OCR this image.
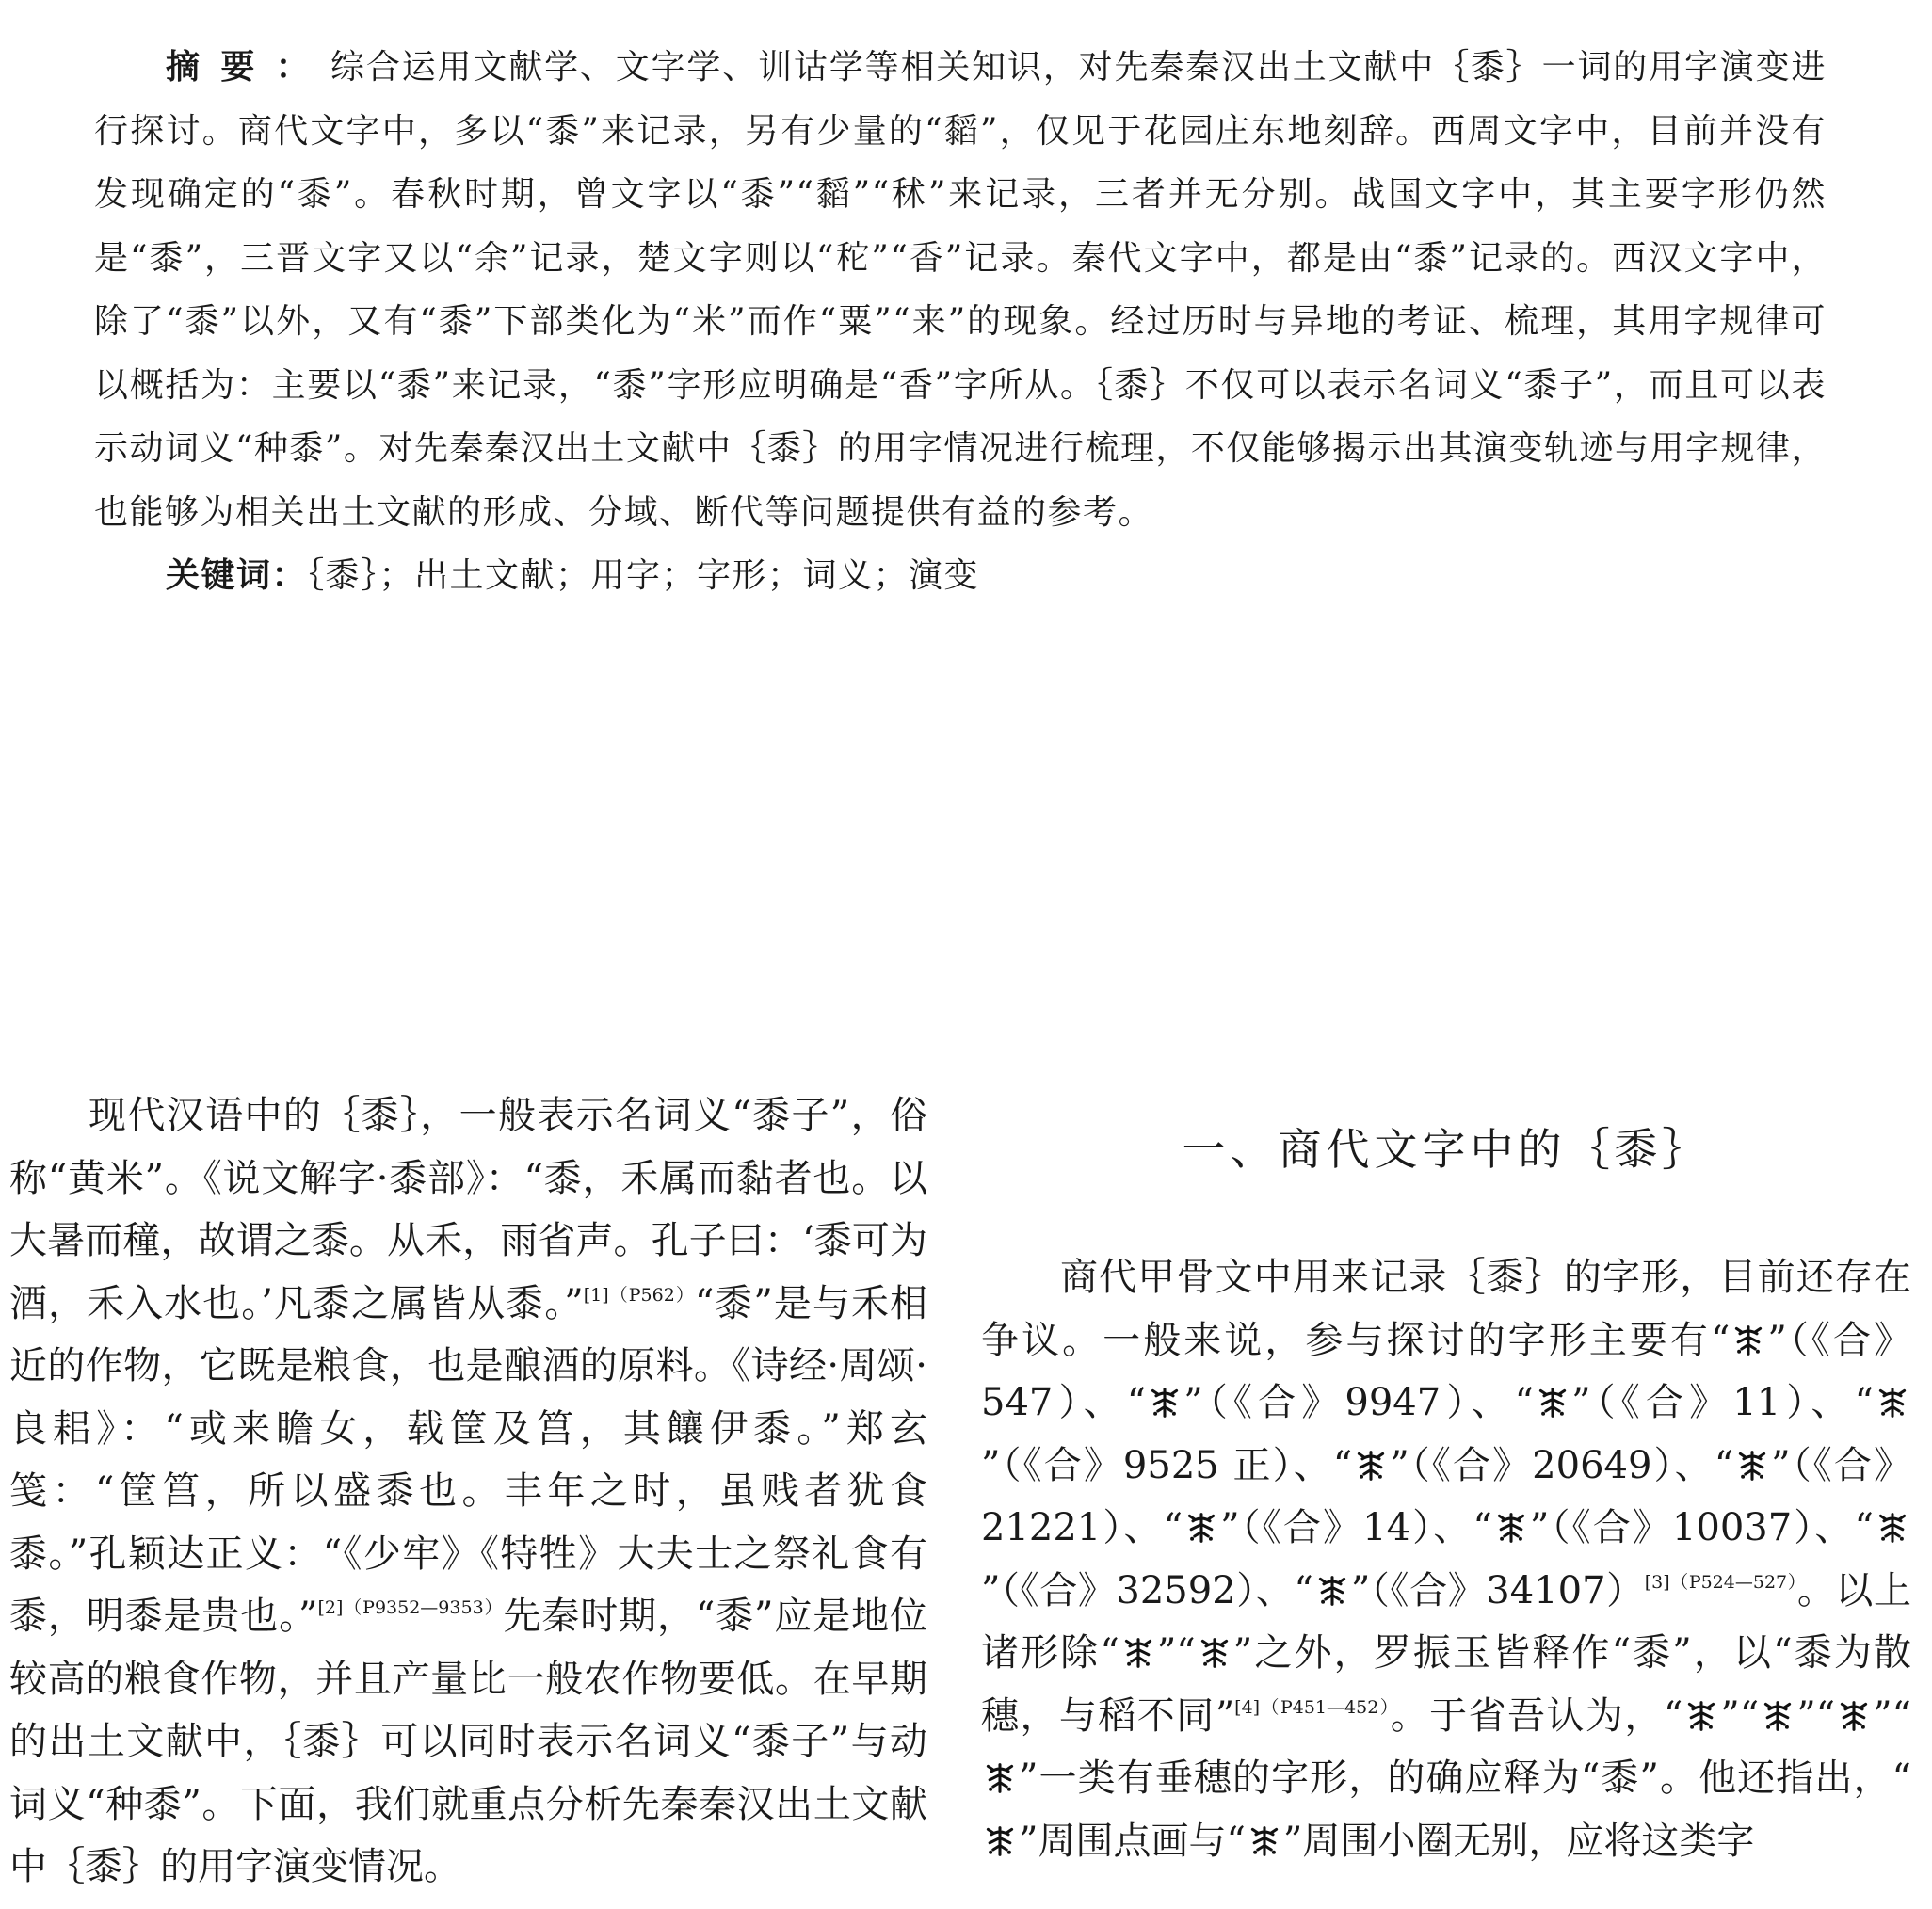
摘要：综合运用文献学、文字学、训诂学等相关知识，对先秦秦汉出土文献中｛黍｝一词的用字演变进行探讨。商代文字中，多以“黍”来记录，另有少量的“䵚”，仅见于花园庄东地刻辞。西周文字中，目前并没有发现确定的“黍”。春秋时期，曾文字以“黍”“䵚”“秫”来记录，三者并无分别。战国文字中，其主要字形仍然是“黍”，三晋文字又以“余”记录，楚文字则以“𥞒”“香”记录。秦代文字中，都是由“黍”记录的。西汉文字中，除了“黍”以外，又有“黍”下部类化为“米”而作“粟”“来”的现象。经过历时与异地的考证、梳理，其用字规律可以概括为：主要以“黍”来记录，“黍”字形应明确是“香”字所从。｛黍｝不仅可以表示名词义“黍子”，而且可以表示动词义“种黍”。对先秦秦汉出土文献中｛黍｝的用字情况进行梳理，不仅能够揭示出其演变轨迹与用字规律，也能够为相关出土文献的形成、分域、断代等问题提供有益的参考。

关键词：｛黍｝；出土文献；用字；字形；词义；演变

现代汉语中的｛黍｝，一般表示名词义“黍子”，俗称“黄米”。《说文解字·黍部》：“黍，禾属而黏者也。以大暑而穜，故谓之黍。从禾，雨省声。孔子曰：‘黍可为酒，禾入水也。’凡黍之属皆从黍。”$^{[1](P562)}$“黍”是与禾相近的作物，它既是粮食，也是酿酒的原料。《诗经·周颂·良耜》：“或来瞻女，载筐及筥，其饟伊黍。”郑玄笺：“筐筥，所以盛黍也。丰年之时，虽贱者犹食黍。”孔颖达正义：“《少牢》《特牲》大夫士之祭礼食有黍，明黍是贵也。”$^{[2](P9352—9353)}$先秦时期，“黍”应是地位较高的粮食作物，并且产量比一般农作物要低。在早期的出土文献中，｛黍｝可以同时表示名词义“黍子”与动词义“种黍”。下面，我们就重点分析先秦秦汉出土文献中｛黍｝的用字演变情况。

一、商代文字中的｛黍｝

商代甲骨文中用来记录｛黍｝的字形，目前还存在争议。一般来说，参与探讨的字形主要有“ ”（《合》547）、“ ”（《合》9947）、“ ”（《合》11）、“
”（《合》9525 正）、“ ”（《合》20649）、“ ”（《合》21221）、“ ”（《合》14）、“ ”（《合》10037）、“
”（《合》32592）、“ ”（《合》34107）$^{[3](P524—527)}$。以上诸形除“ ”“ ”之外，罗振玉皆释作“黍”，以“黍为散穗，与稻不同”$^{[4](P451—452)}$。于省吾认为，“ ”“ ”“ ”“
”一类有垂穗的字形，的确应释为“黍”。他还指出，“
”周围点画与“ ”周围小圈无别，应将这类字
